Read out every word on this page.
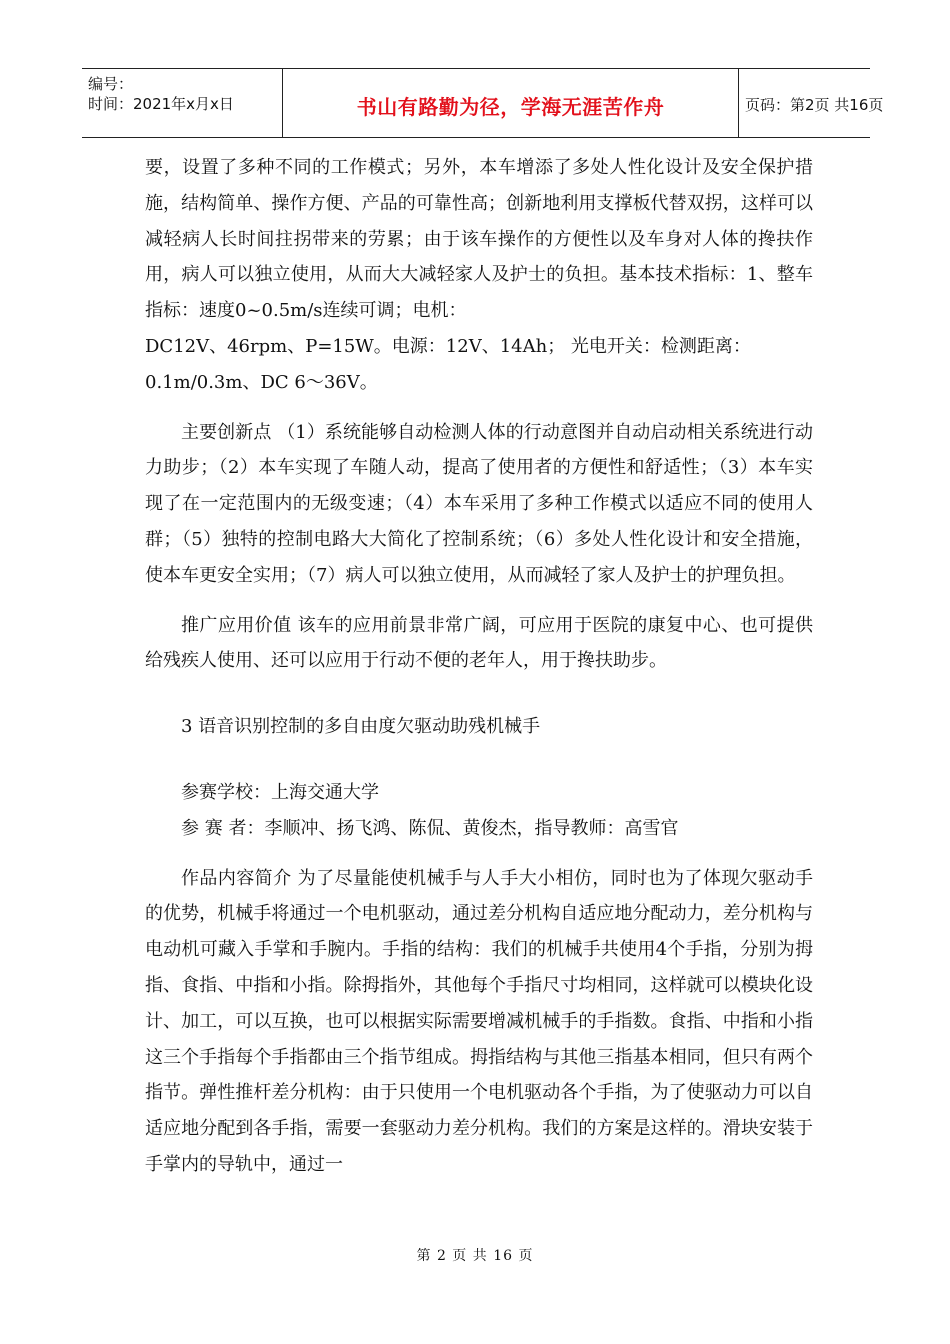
编号：
时间：2021年x月x日	书山有路勤为径，学海无涯苦作舟	页码：第2页 共16页

要，设置了多种不同的工作模式；另外，本车增添了多处人性化设计及安全保护措施，结构简单、操作方便、产品的可靠性高；创新地利用支撑板代替双拐，这样可以减轻病人长时间拄拐带来的劳累；由于该车操作的方便性以及车身对人体的搀扶作用，病人可以独立使用，从而大大减轻家人及护士的负担。基本技术指标：1、整车指标：速度0~0.5m/s连续可调；电机：

DC12V、46rpm、P=15W。电源：12V、14Ah； 光电开关：检测距离：

0.1m/0.3m、DC 6～36V。

主要创新点 （1）系统能够自动检测人体的行动意图并自动启动相关系统进行动力助步；（2）本车实现了车随人动，提高了使用者的方便性和舒适性；（3）本车实现了在一定范围内的无级变速；（4）本车采用了多种工作模式以适应不同的使用人群；（5）独特的控制电路大大简化了控制系统；（6）多处人性化设计和安全措施，使本车更安全实用；（7）病人可以独立使用，从而减轻了家人及护士的护理负担。

推广应用价值 该车的应用前景非常广阔，可应用于医院的康复中心、也可提供给残疾人使用、还可以应用于行动不便的老年人，用于搀扶助步。

3 语音识别控制的多自由度欠驱动助残机械手

参赛学校：上海交通大学

参 赛 者：李顺冲、扬飞鸿、陈侃、黄俊杰，指导教师：高雪官

作品内容简介 为了尽量能使机械手与人手大小相仿，同时也为了体现欠驱动手的优势，机械手将通过一个电机驱动，通过差分机构自适应地分配动力，差分机构与电动机可藏入手掌和手腕内。手指的结构：我们的机械手共使用4个手指，分别为拇指、食指、中指和小指。除拇指外，其他每个手指尺寸均相同，这样就可以模块化设计、加工，可以互换，也可以根据实际需要增减机械手的手指数。食指、中指和小指这三个手指每个手指都由三个指节组成。拇指结构与其他三指基本相同，但只有两个指节。弹性推杆差分机构：由于只使用一个电机驱动各个手指，为了使驱动力可以自适应地分配到各手指，需要一套驱动力差分机构。我们的方案是这样的。滑块安装于手掌内的导轨中，通过一

第 2 页 共 16 页
